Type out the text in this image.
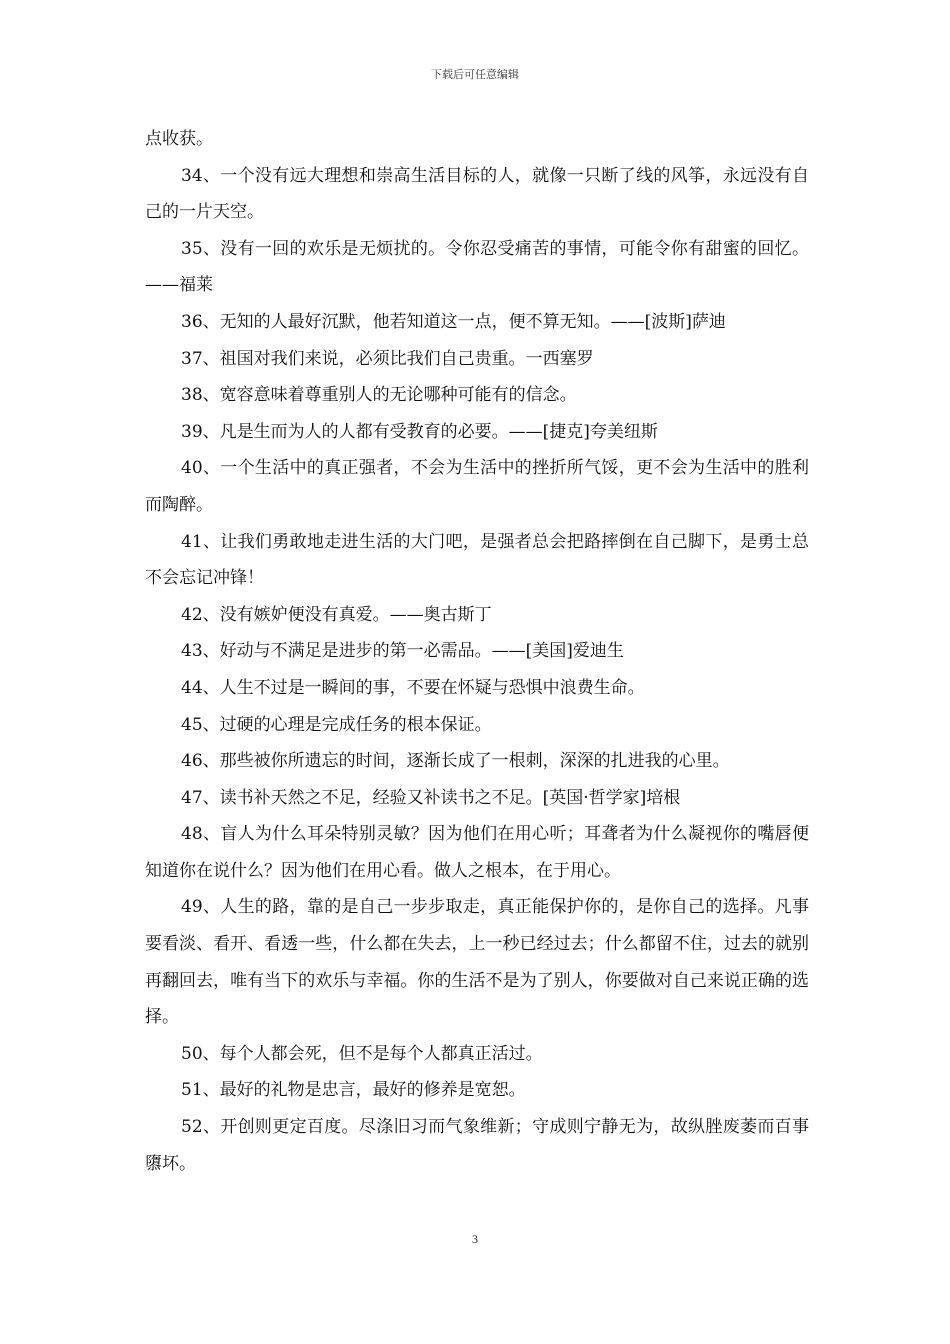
下载后可任意编辑

点收获。

34、一个没有远大理想和崇高生活目标的人，就像一只断了线的风筝，永远没有自己的一片天空。

35、没有一回的欢乐是无烦扰的。令你忍受痛苦的事情，可能令你有甜蜜的回忆。——福莱

36、无知的人最好沉默，他若知道这一点，便不算无知。——[波斯]萨迪

37、祖国对我们来说，必须比我们自己贵重。一西塞罗

38、宽容意味着尊重别人的无论哪种可能有的信念。

39、凡是生而为人的人都有受教育的必要。——[捷克]夸美纽斯

40、一个生活中的真正强者，不会为生活中的挫折所气馁，更不会为生活中的胜利而陶醉。

41、让我们勇敢地走进生活的大门吧，是强者总会把路摔倒在自己脚下，是勇士总不会忘记冲锋！

42、没有嫉妒便没有真爱。——奥古斯丁

43、好动与不满足是进步的第一必需品。——[美国]爱迪生

44、人生不过是一瞬间的事，不要在怀疑与恐惧中浪费生命。

45、过硬的心理是完成任务的根本保证。

46、那些被你所遗忘的时间，逐渐长成了一根刺，深深的扎进我的心里。

47、读书补天然之不足，经验又补读书之不足。[英国·哲学家]培根

48、盲人为什么耳朵特别灵敏？因为他们在用心听；耳聋者为什么凝视你的嘴唇便知道你在说什么？因为他们在用心看。做人之根本，在于用心。

49、人生的路，靠的是自己一步步取走，真正能保护你的，是你自己的选择。凡事要看淡、看开、看透一些，什么都在失去，上一秒已经过去；什么都留不住，过去的就别再翻回去，唯有当下的欢乐与幸福。你的生活不是为了别人，你要做对自己来说正确的选择。

50、每个人都会死，但不是每个人都真正活过。

51、最好的礼物是忠言，最好的修养是宽恕。

52、开创则更定百度。尽涤旧习而气象维新；守成则宁静无为，故纵脞废萎而百事隳坏。

3
